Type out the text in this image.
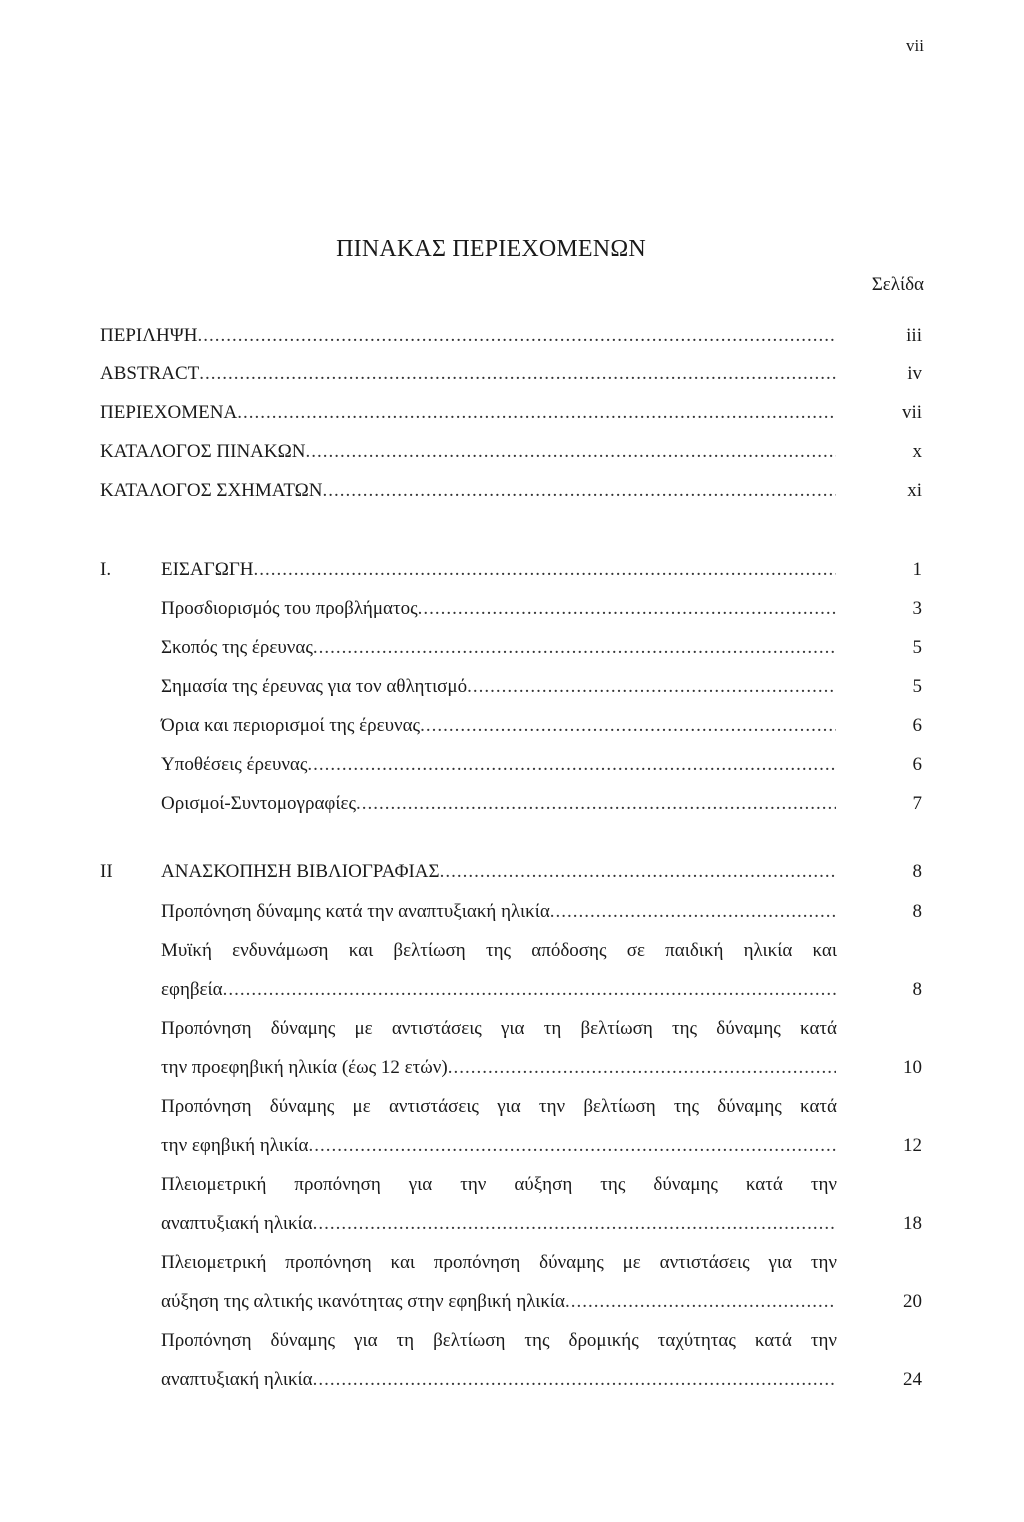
vii
ΠΙΝΑΚΑΣ ΠΕΡΙΕΧΟΜΕΝΩΝ
Σελίδα
ΠΕΡΙΛΗΨΗ .....	iii
ABSTRACT .....	iv
ΠΕΡΙΕΧΟΜΕΝΑ .....	vii
ΚΑΤΑΛΟΓΟΣ ΠΙΝΑΚΩΝ .....	x
ΚΑΤΑΛΟΓΟΣ ΣΧΗΜΑΤΩΝ .....	xi
I.	ΕΙΣΑΓΩΓΗ .....	1
Προσδιορισμός του προβλήματος .....	3
Σκοπός της έρευνας .....	5
Σημασία της έρευνας για τον αθλητισμό .....	5
Όρια και περιορισμοί της έρευνας .....	6
Υποθέσεις έρευνας .....	6
Ορισμοί-Συντομογραφίες .....	7
II	ΑΝΑΣΚΟΠΗΣΗ ΒΙΒΛΙΟΓΡΑΦΙΑΣ .....	8
Προπόνηση δύναμης κατά την αναπτυξιακή ηλικία .....	8
Μυϊκή ενδυνάμωση και βελτίωση της απόδοσης σε παιδική ηλικία και
εφηβεία .....	8
Προπόνηση δύναμης με αντιστάσεις για τη βελτίωση της δύναμης κατά
την προεφηβική ηλικία (έως 12 ετών) .....	10
Προπόνηση δύναμης με αντιστάσεις για την βελτίωση της δύναμης κατά
την εφηβική ηλικία .....	12
Πλειομετρική προπόνηση για την αύξηση της δύναμης κατά την
αναπτυξιακή ηλικία .....	18
Πλειομετρική προπόνηση και προπόνηση δύναμης με αντιστάσεις για την
αύξηση της αλτικής ικανότητας στην εφηβική ηλικία .....	20
Προπόνηση δύναμης για τη βελτίωση της δρομικής ταχύτητας κατά την
αναπτυξιακή ηλικία .....	24
